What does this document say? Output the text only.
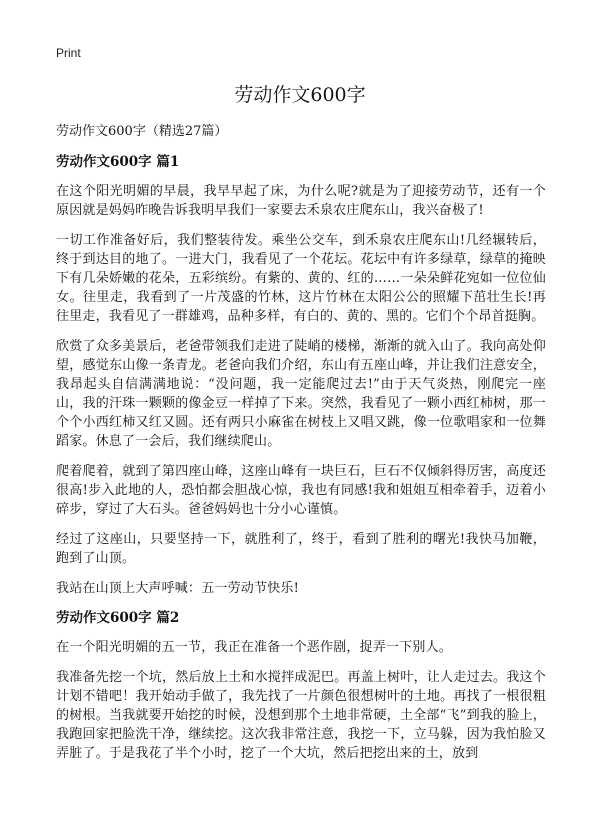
Print
劳动作文600字

劳动作文600字（精选27篇）

劳动作文600字 篇1

在这个阳光明媚的早晨，我早早起了床，为什么呢?就是为了迎接劳动节，还有一个原因就是妈妈昨晚告诉我明早我们一家要去禾泉农庄爬东山，我兴奋极了!

一切工作准备好后，我们整装待发。乘坐公交车，到禾泉农庄爬东山!几经辗转后，终于到达目的地了。一进大门，我看见了一个花坛。花坛中有许多绿草，绿草的掩映下有几朵娇嫩的花朵，五彩缤纷。有紫的、黄的、红的……一朵朵鲜花宛如一位位仙女。往里走，我看到了一片茂盛的竹林，这片竹林在太阳公公的照耀下茁壮生长!再往里走，我看见了一群雄鸡，品种多样，有白的、黄的、黑的。它们个个昂首挺胸。

欣赏了众多美景后，老爸带领我们走进了陡峭的楼梯，渐渐的就入山了。我向高处仰望，感觉东山像一条青龙。老爸向我们介绍，东山有五座山峰，并让我们注意安全，我昂起头自信满满地说：“没问题，我一定能爬过去!”由于天气炎热，刚爬完一座山，我的汗珠一颗颗的像金豆一样掉了下来。突然，我看见了一颗小西红柿树，那一个个小西红柿又红又圆。还有两只小麻雀在树枝上又唱又跳，像一位歌唱家和一位舞蹈家。休息了一会后，我们继续爬山。

爬着爬着，就到了第四座山峰，这座山峰有一块巨石，巨石不仅倾斜得厉害，高度还很高!步入此地的人，恐怕都会胆战心惊，我也有同感!我和姐姐互相牵着手，迈着小碎步，穿过了大石头。爸爸妈妈也十分小心谨慎。

经过了这座山，只要坚持一下，就胜利了，终于，看到了胜利的曙光!我快马加鞭，跑到了山顶。

我站在山顶上大声呼喊：五一劳动节快乐!

劳动作文600字 篇2

在一个阳光明媚的五一节，我正在准备一个恶作剧，捉弄一下别人。

我准备先挖一个坑，然后放上土和水搅拌成泥巴。再盖上树叶，让人走过去。我这个计划不错吧！我开始动手做了，我先找了一片颜色很想树叶的土地。再找了一根很粗的树根。当我就要开始挖的时候，没想到那个土地非常硬，土全部“飞”到我的脸上，我跑回家把脸洗干净，继续挖。这次我非常注意，我挖一下，立马躲，因为我怕脸又弄脏了。于是我花了半个小时，挖了一个大坑，然后把挖出来的土，放到
